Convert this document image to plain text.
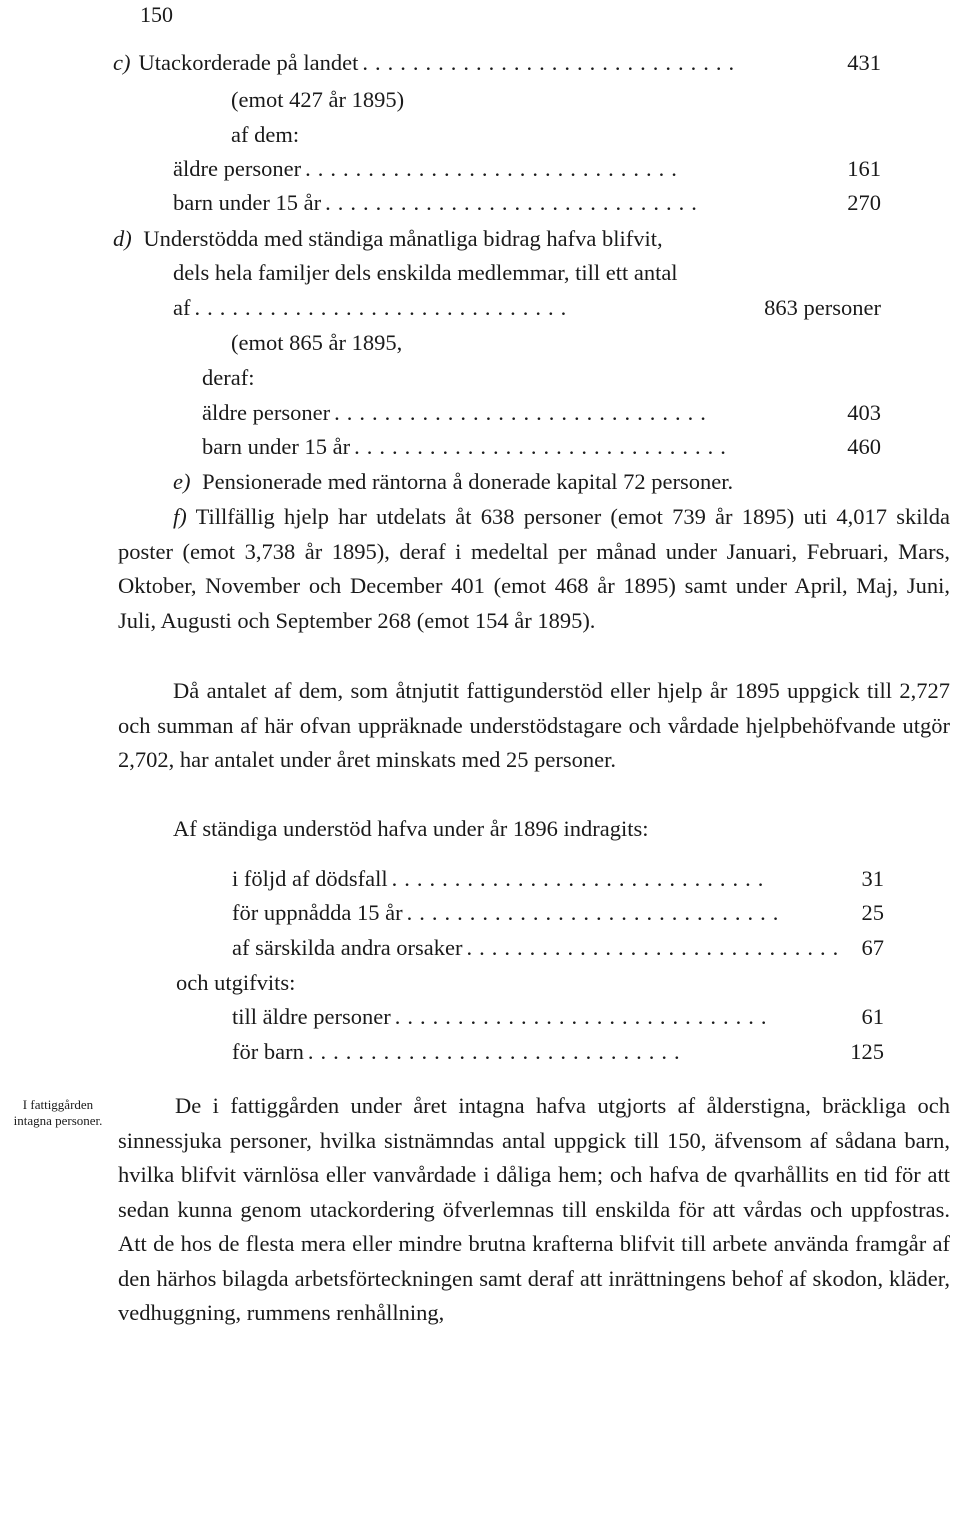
150
c) Utackorderade på landet ..............................	431
(emot 427 år 1895)
af dem:
äldre personer ..............................	161
barn under 15 år ..............................	270
d) Understödda med ständiga månatliga bidrag hafva blifvit,
dels hela familjer dels enskilda medlemmar, till ett antal
af ..............................	863 personer
(emot 865 år 1895,
deraf:
äldre personer ..............................	403
barn under 15 år ..............................	460
e) Pensionerade med räntorna å donerade kapital 72 personer.
f) Tillfällig hjelp har utdelats åt 638 personer (emot 739 år 1895) uti 4,017 skilda poster (emot 3,738 år 1895), deraf i medeltal per månad under Januari, Februari, Mars, Oktober, November och December 401 (emot 468 år 1895) samt under April, Maj, Juni, Juli, Augusti och September 268 (emot 154 år 1895).
Då antalet af dem, som åtnjutit fattigunderstöd eller hjelp år 1895 uppgick till 2,727 och summan af här ofvan uppräknade understödstagare och vårdade hjelpbehöfvande utgör 2,702, har antalet under året minskats med 25 personer.
Af ständiga understöd hafva under år 1896 indragits:
i följd af dödsfall ..............................	31
för uppnådda 15 år ..............................	25
af särskilda andra orsaker .............................. 67
och utgifvits:
till äldre personer ..............................	61
för barn ..............................	125
I fattiggården intagna personer.
De i fattiggården under året intagna hafva utgjorts af ålderstigna, bräckliga och sinnessjuka personer, hvilka sistnämndas antal uppgick till 150, äfvensom af sådana barn, hvilka blifvit värnlösa eller vanvårdade i dåliga hem; och hafva de qvarhållits en tid för att sedan kunna genom utackordering öfverlemnas till enskilda för att vårdas och uppfostras. Att de hos de flesta mera eller mindre brutna krafterna blifvit till arbete användа framgår af den härhos bilagda arbetsförteckningen samt deraf att inrättningens behof af skodon, kläder, vedhuggning, rummens renhållning,
